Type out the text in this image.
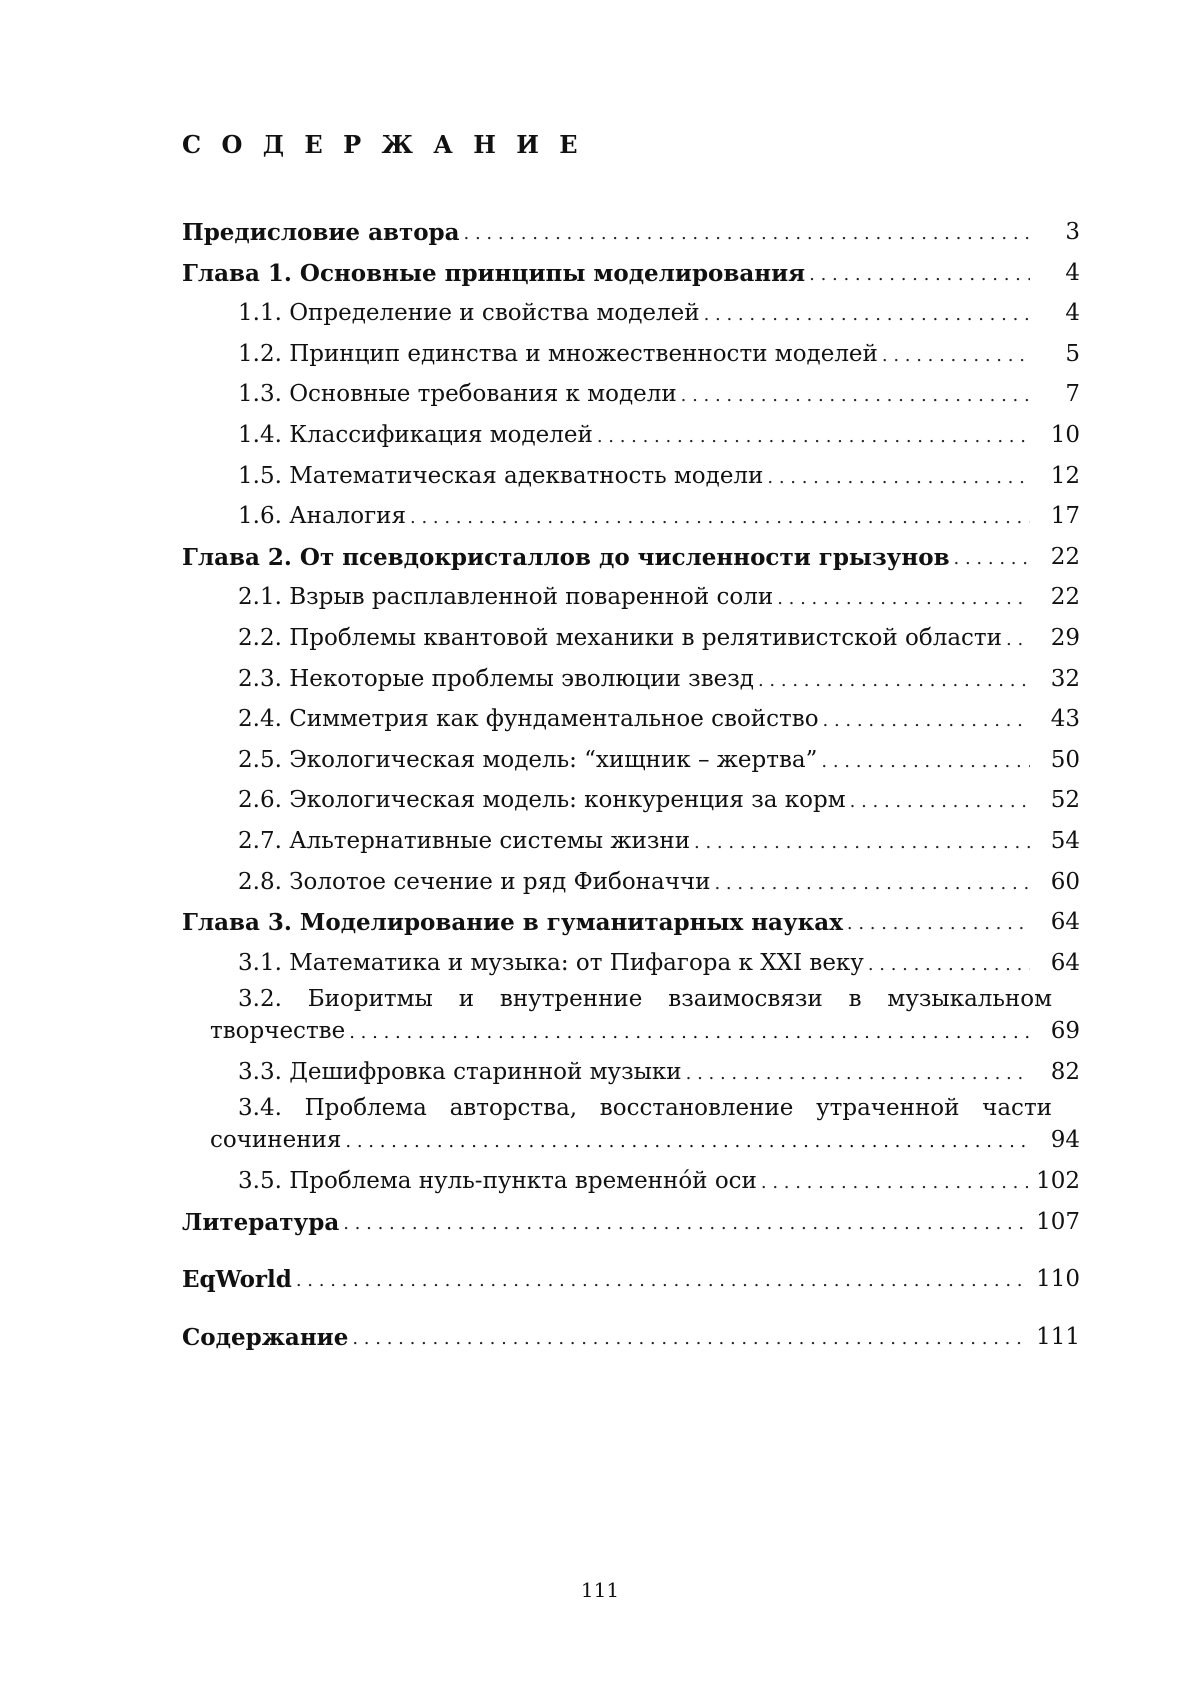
С О Д Е Р Ж А Н И Е
Предисловие автора
. . .	3
Глава 1. Основные принципы моделирования
. . .	4
1.1. Определение и свойства моделей
. . .	4
1.2. Принцип единства и множественности моделей
. . .	5
1.3. Основные требования к модели
. . .	7
1.4. Классификация моделей
. . .	10
1.5. Математическая адекватность модели
. . .	12
1.6. Аналогия
. . .	17
Глава 2. От псевдокристаллов до численности грызунов
. . .	22
2.1. Взрыв расплавленной поваренной соли
. . .	22
2.2. Проблемы квантовой механики в релятивистской области
. . .	29
2.3. Некоторые проблемы эволюции звезд
. . .	32
2.4. Симметрия как фундаментальное свойство
. . .	43
2.5. Экологическая модель: “хищник – жертва”
. . .	50
2.6. Экологическая модель: конкуренция за корм
. . .	52
2.7. Альтернативные системы жизни
. . .	54
2.8. Золотое сечение и ряд Фибоначчи
. . .	60
Глава 3. Моделирование в гуманитарных науках
. . .	64
3.1. Математика и музыка: от Пифагора к XXI веку
. . .	64
3.2. Биоритмы и внутренние взаимосвязи в музыкальном
творчестве
. . .	69
3.3. Дешифровка старинной музыки
. . .	82
3.4. Проблема авторства, восстановление утраченной части
сочинения
. . .	94
3.5. Проблема нуль-пункта временно́й оси
. . .	102
Литература
. . .	107
EqWorld
. . .	110
Содержание
. . .	111
111
